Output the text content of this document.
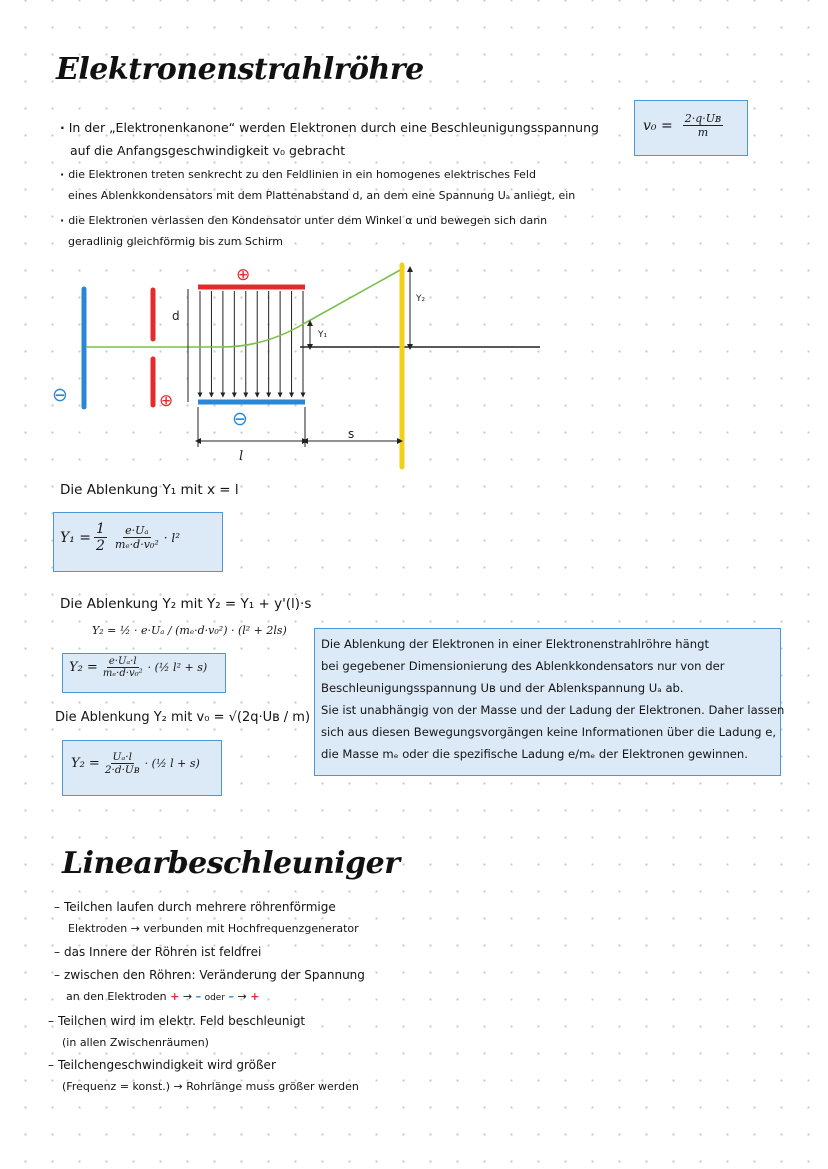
Elektronenstrahlröhre
· In der „Elektronenkanone“ werden Elektronen durch eine Beschleunigungsspannung
auf die Anfangsgeschwindigkeit v₀ gebracht
· die Elektronen treten senkrecht zu den Feldlinien in ein homogenes elektrisches Feld
eines Ablenkkondensators mit dem Plattenabstand d, an dem eine Spannung Uₐ anliegt, ein
· die Elektronen verlassen den Kondensator unter dem Winkel α und bewegen sich dann
geradlinig gleichförmig bis zum Schirm
$v_0 = \frac{\text{2·q·Uʙ}}{m}$
⊕
⊕
⊖
⊖
d
l
s
Y₁
Y₂
Die Ablenkung Y₁ mit x = l
$Y_1 = \frac{1}{2} \frac{\text{e·Uₐ}}{\text{mₑ·d·v₀²}} \cdot l^2$
Die Ablenkung Y₂ mit Y₂ = Y₁ + y'(l)·s
Y₂ = ½ · e·Uₐ / (mₑ·d·v₀²) · (l² + 2ls)
$Y_2 = \frac{\text{e·Uₐ·l}}{\text{mₑ·d·v₀²}}$ · (½ l² + s)
Die Ablenkung Y₂ mit v₀ = √(2q·Uʙ / m)
$Y_2 = \frac{\text{Uₐ·l}}{\text{2·d·Uʙ}}$ · (½ l + s)

Die Ablenkung der Elektronen in einer Elektronenstrahlröhre hängt

bei gegebener Dimensionierung des Ablenkkondensators nur von der

Beschleunigungsspannung Uʙ und der Ablenkspannung Uₐ ab.

Sie ist unabhängig von der Masse und der Ladung der Elektronen. Daher lassen

sich aus diesen Bewegungsvorgängen keine Informationen über die Ladung e,

die Masse mₑ oder die spezifische Ladung e/mₑ der Elektronen gewinnen.

Linearbeschleuniger
– Teilchen laufen durch mehrere röhrenförmige
Elektroden → verbunden mit Hochfrequenzgenerator
– das Innere der Röhren ist feldfrei
– zwischen den Röhren: Veränderung der Spannung
an den Elektroden + → – oder – → +
– Teilchen wird im elektr. Feld beschleunigt
(in allen Zwischenräumen)
– Teilchengeschwindigkeit wird größer
(Frequenz = konst.) → Rohrlänge muss größer werden
